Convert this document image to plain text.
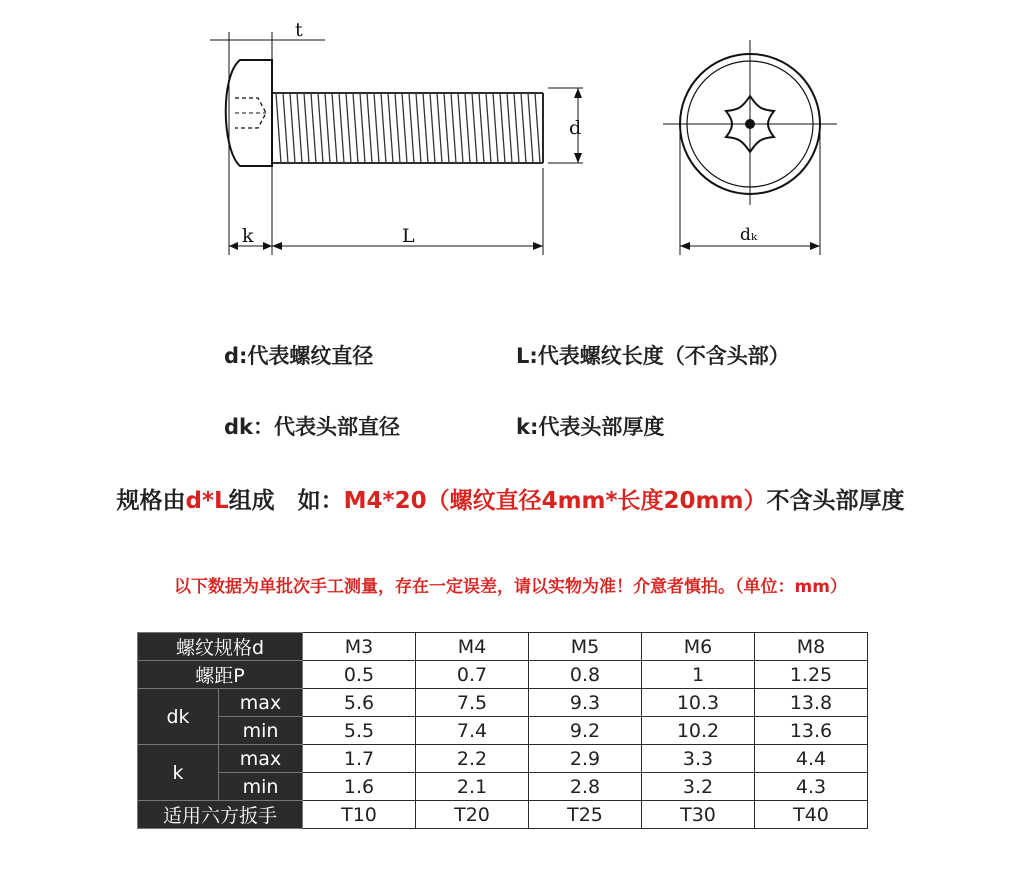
t
d
k	L	dₖ
d:代表螺纹直径	L:代表螺纹长度（不含头部）
dk：代表头部直径	k:代表头部厚度
规格由d*L组成　如：M4*20（螺纹直径4mm*长度20mm）不含头部厚度
以下数据为单批次手工测量，存在一定误差，请以实物为准！介意者慎拍。（单位：mm）
螺纹规格d		M3	M4	M5	M6	M8
螺距P		0.5	0.7	0.8	1	1.25
dk	max	5.6	7.5	9.3	10.3	13.8
	min	5.5	7.4	9.2	10.2	13.6
k	max	1.7	2.2	2.9	3.3	4.4
	min	1.6	2.1	2.8	3.2	4.3
适用六方扳手		T10	T20	T25	T30	T40
